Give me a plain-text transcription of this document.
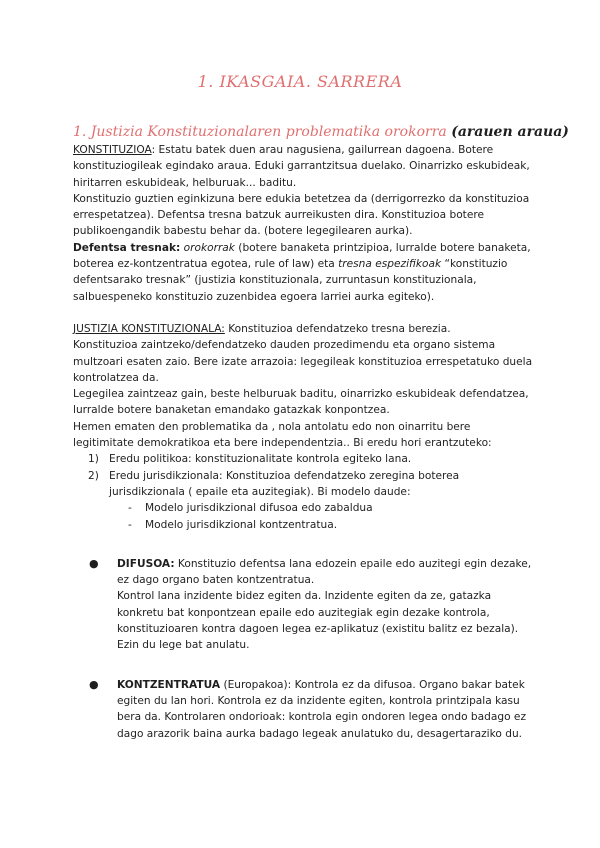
1. IKASGAIA. SARRERA
1. Justizia Konstituzionalaren problematika orokorra (arauen araua)

KONSTITUZIOA: Estatu batek duen arau nagusiena, gailurrean dagoena. Botere konstituziogileak egindako araua. Eduki garrantzitsua duelako. Oinarrizko eskubideak, hiritarren eskubideak, helburuak... baditu.

Konstituzio guztien eginkizuna bere edukia betetzea da (derrigorrezko da konstituzioa errespetatzea). Defentsa tresna batzuk aurreikusten dira. Konstituzioa botere publikoengandik babestu behar da. (botere legegilearen aurka).

Defentsa tresnak: orokorrak (botere banaketa printzipioa, lurralde botere banaketa, boterea ez-kontzentratua egotea, rule of law) eta tresna espezifikoak “konstituzio defentsarako tresnak” (justizia konstituzionala, zurruntasun konstituzionala, salbuespeneko konstituzio zuzenbidea egoera larriei aurka egiteko).

JUSTIZIA KONSTITUZIONALA: Konstituzioa defendatzeko tresna berezia.

Konstituzioa zaintzeko/defendatzeko dauden prozedimendu eta organo sistema multzoari esaten zaio. Bere izate arrazoia: legegileak konstituzioa errespetatuko duela kontrolatzea da.

Legegilea zaintzeaz gain, beste helburuak baditu, oinarrizko eskubideak defendatzea, lurralde botere banaketan emandako gatazkak konpontzea.

Hemen ematen den problematika da , nola antolatu edo non oinarritu bere legitimitate demokratikoa eta bere independentzia.. Bi eredu hori erantzuteko:

1) Eredu politikoa: konstituzionalitate kontrola egiteko lana.
2) Eredu jurisdikzionala: Konstituzioa defendatzeko zeregina boterea jurisdikzionala ( epaile eta auzitegiak). Bi modelo daude:
- Modelo jurisdikzional difusoa edo zabaldua
- Modelo jurisdikzional kontzentratua.
● DIFUSOA: Konstituzio defentsa lana edozein epaile edo auzitegi egin dezake, ez dago organo baten kontzentratua.

Kontrol lana inzidente bidez egiten da. Inzidente egiten da ze, gatazka konkretu bat konpontzean epaile edo auzitegiak egin dezake kontrola, konstituzioaren kontra dagoen legea ez-aplikatuz (existitu balitz ez bezala). Ezin du lege bat anulatu.

● KONTZENTRATUA (Europakoa): Kontrola ez da difusoa. Organo bakar batek egiten du lan hori. Kontrola ez da inzidente egiten, kontrola printzipala kasu bera da. Kontrolaren ondorioak: kontrola egin ondoren legea ondo badago ez dago arazorik baina aurka badago legeak anulatuko du, desagertaraziko du.
